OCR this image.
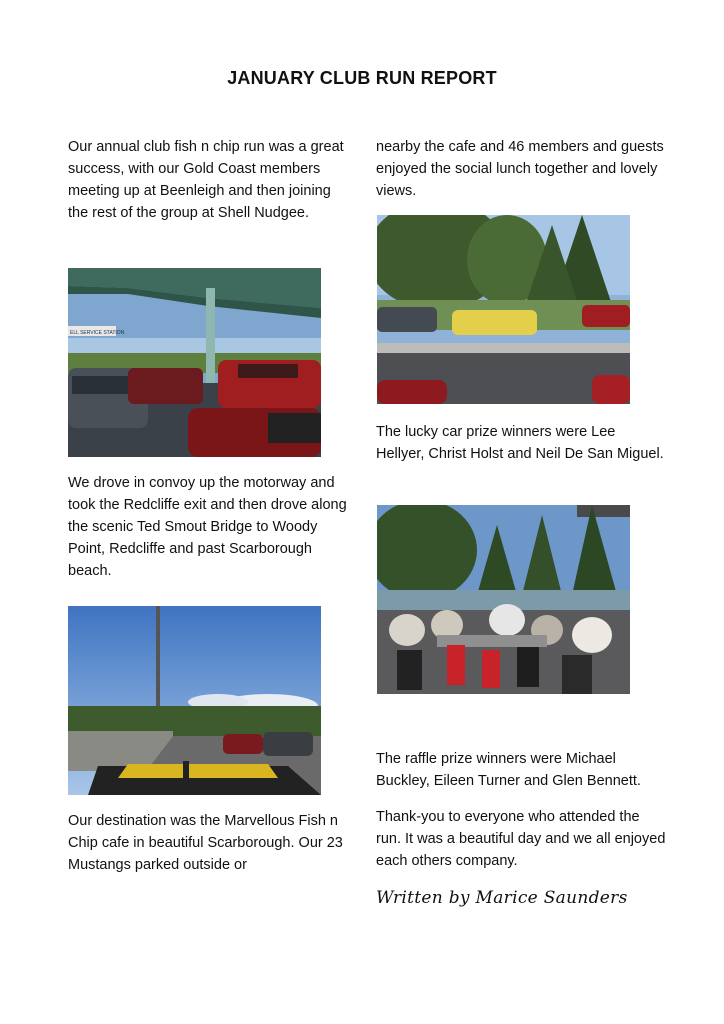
JANUARY CLUB RUN REPORT

Our annual club fish n chip run was a great success, with our Gold Coast members meeting up at Beenleigh and then joining the rest of the group at Shell Nudgee.

ELL SERVICE STATION

We drove in convoy up the motorway and took the Redcliffe exit and then drove along the scenic Ted Smout Bridge to Woody Point, Redcliffe and past Scarborough beach.

Our destination was the Marvellous Fish n Chip cafe in beautiful Scarborough. Our 23 Mustangs parked outside or

nearby the cafe and 46 members and guests enjoyed the social lunch together and lovely views.

The lucky car prize winners were Lee Hellyer, Christ Holst and Neil De San Miguel.

The raffle prize winners were Michael Buckley, Eileen Turner and Glen Bennett.

Thank-you to everyone who attended the run. It was a beautiful day and we all enjoyed each others company.

Written by Marice Saunders
